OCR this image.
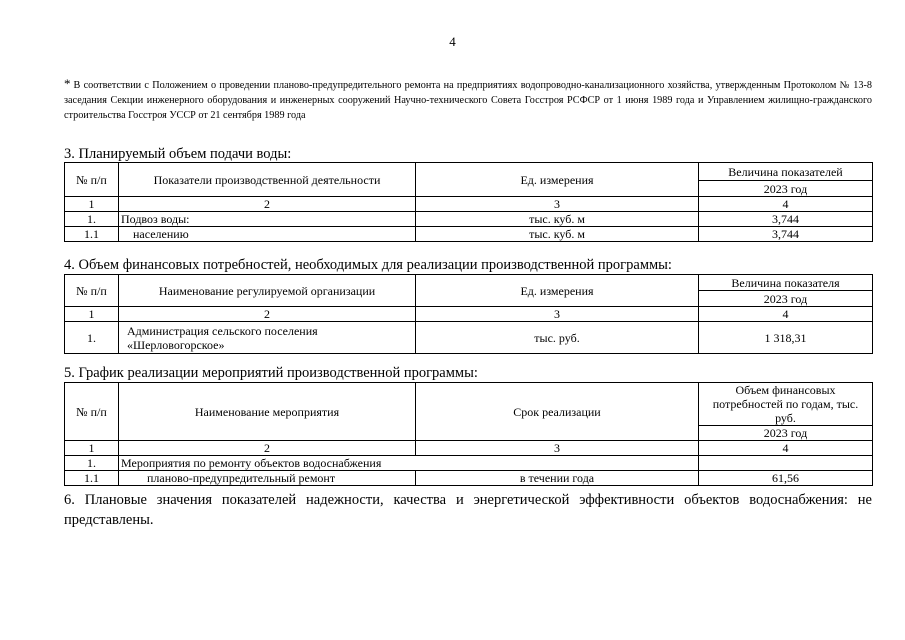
4
* В соответствии с Положением о проведении планово-предупредительного ремонта на предприятиях водопроводно-канализационного хозяйства, утвержденным Протоколом № 13-8 заседания Секции инженерного оборудования и инженерных сооружений Научно-технического Совета Госстроя РСФСР от 1 июня 1989 года и Управлением жилищно-гражданского строительства Госстроя УССР от 21 сентября 1989 года
3. Планируемый объем подачи воды:
№ п/п	Показатели производственной деятельности	Ед. измерения	Величина показателей
			2023 год
1	2	3	4
1.	Подвоз воды:	тыс. куб. м	3,744
1.1	населению	тыс. куб. м	3,744
4. Объем финансовых потребностей, необходимых для реализации производственной программы:
№ п/п	Наименование регулируемой организации	Ед. измерения	Величина показателя
			2023 год
1	2	3	4
1.	Администрация сельского поселения «Шерловогорское»	тыс. руб.	1 318,31
5. График реализации мероприятий производственной программы:
№ п/п	Наименование мероприятия	Срок реализации	Объем финансовых потребностей по годам, тыс. руб.
			2023 год
1	2	3	4
1.	Мероприятия по ремонту объектов водоснабжения		
1.1	планово-предупредительный ремонт	в течении года	61,56
6. Плановые значения показателей надежности, качества и энергетической эффективности объектов водоснабжения: не представлены.
